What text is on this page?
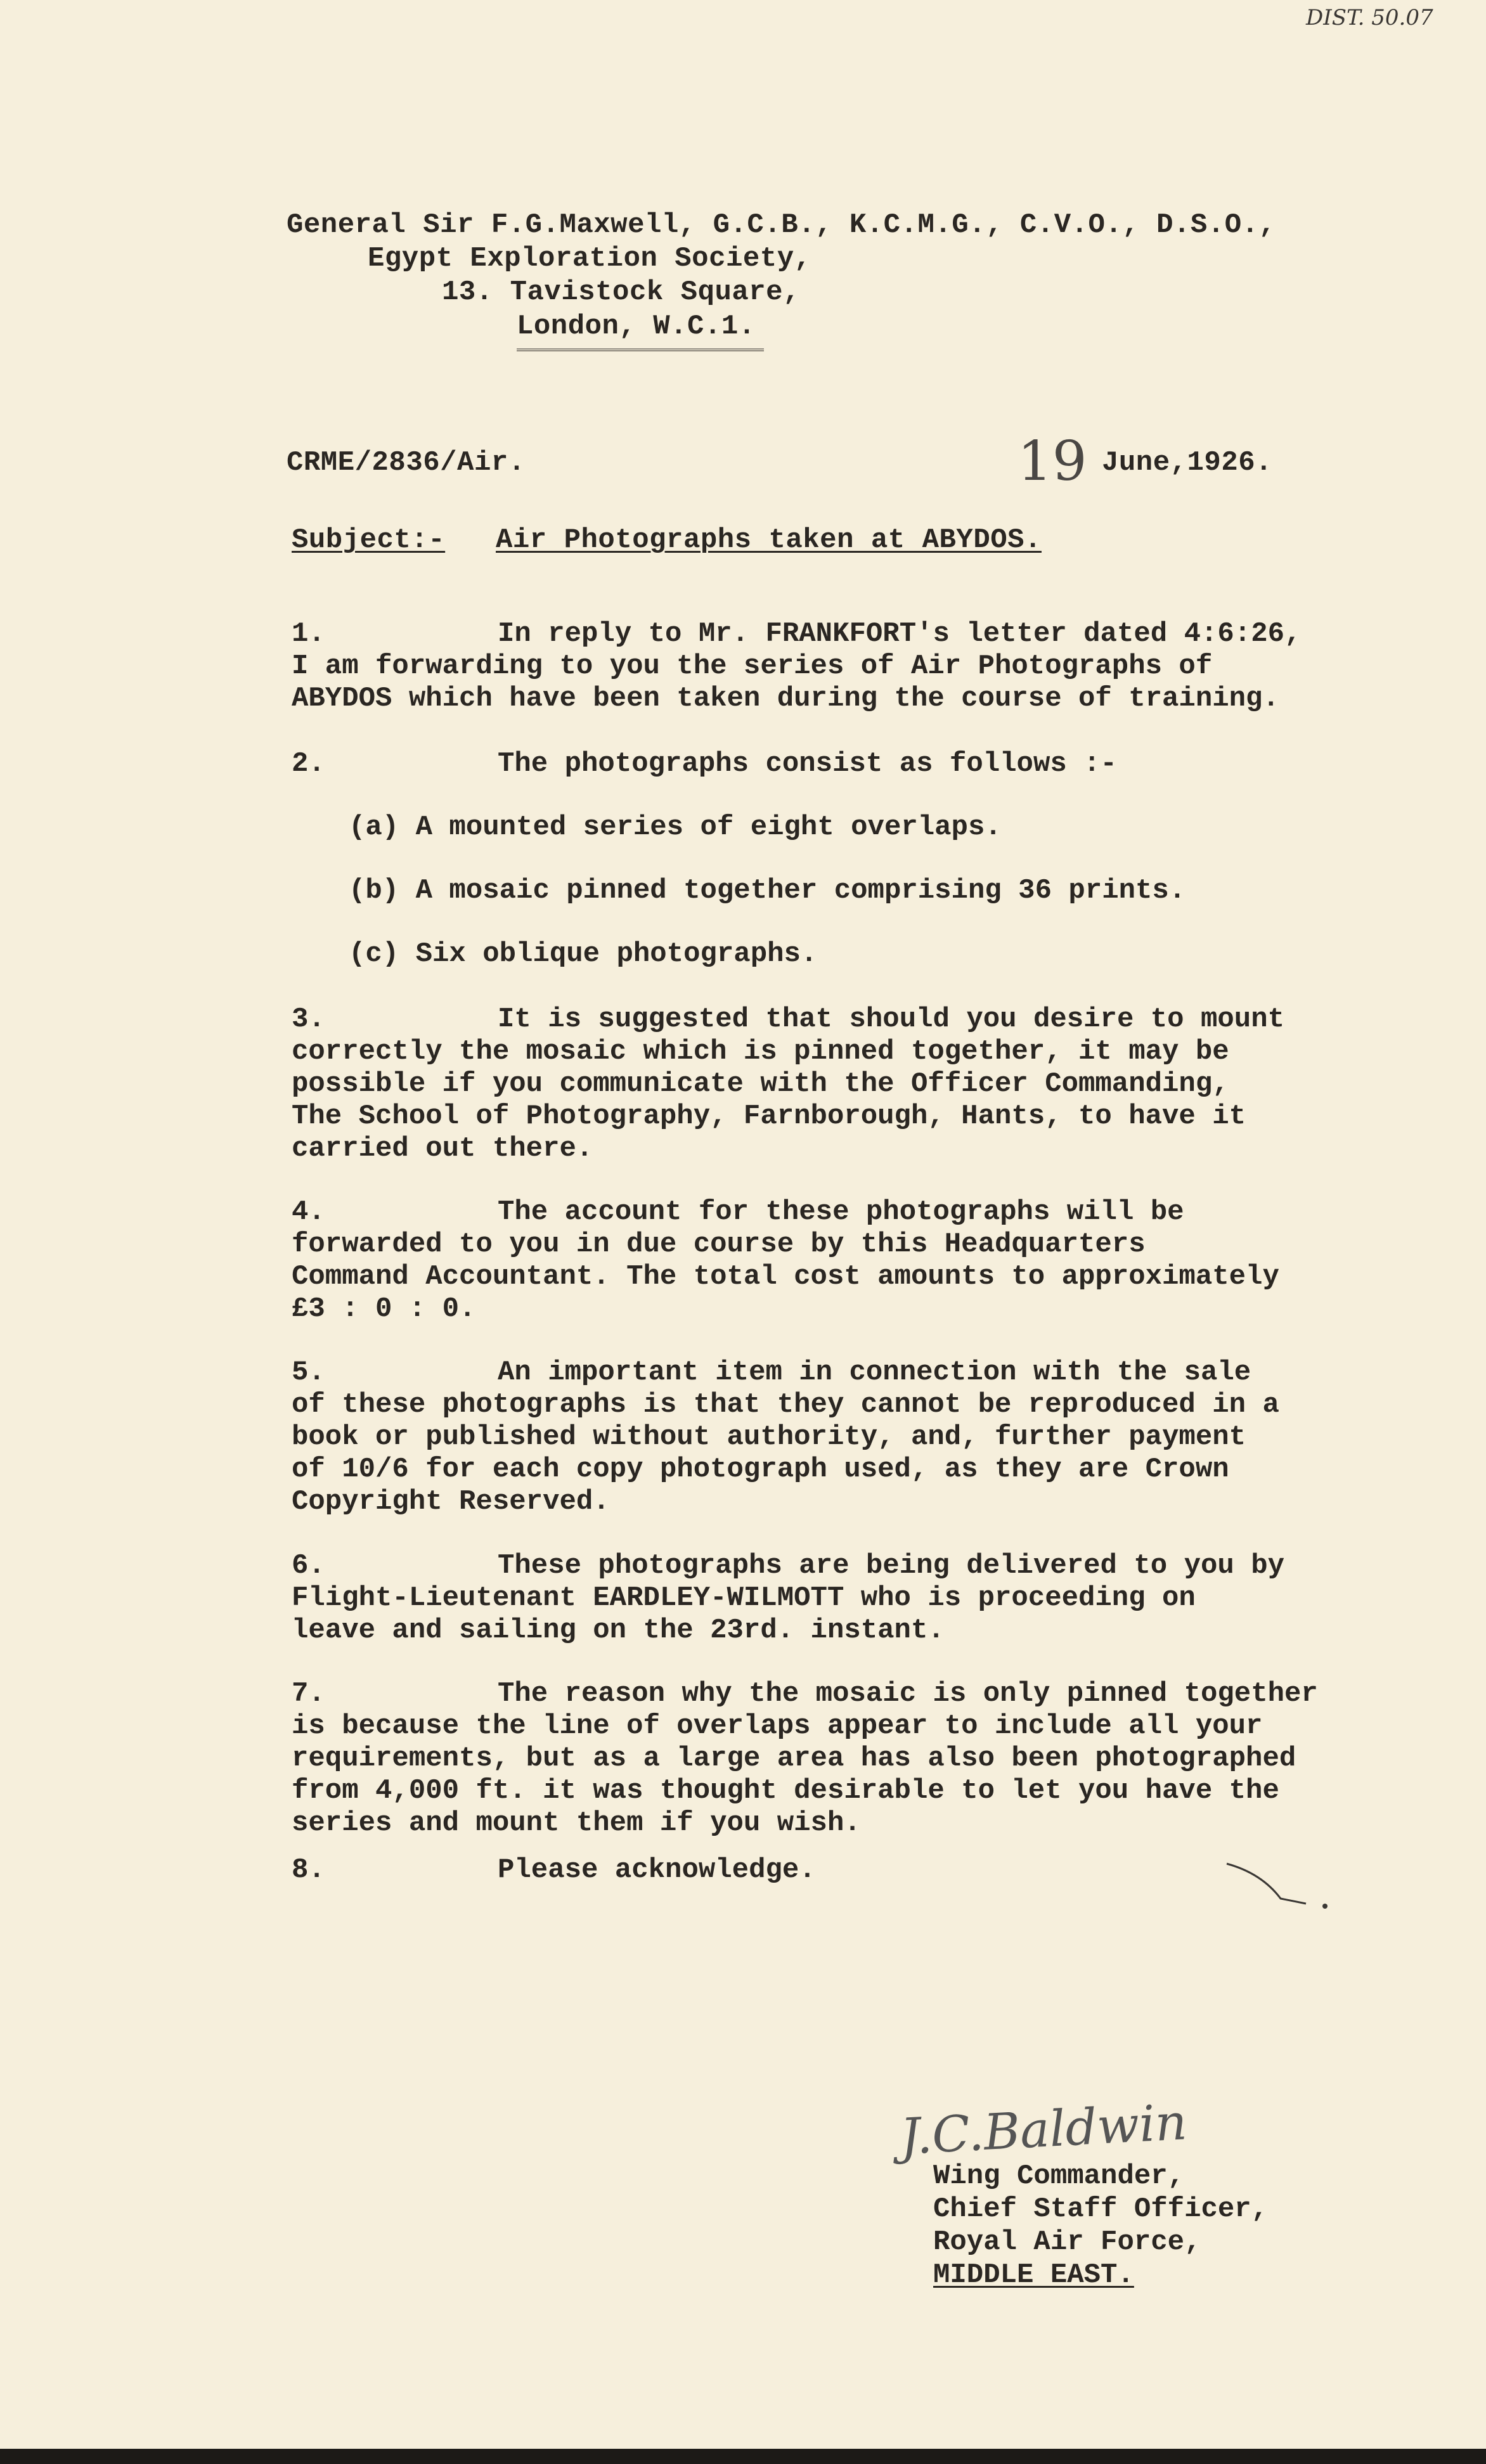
DIST. 50.07
General Sir F.G.Maxwell, G.C.B., K.C.M.G., C.V.O., D.S.O.,
Egypt Exploration Society,
13. Tavistock Square,
London, W.C.1.
CRME/2836/Air.	19 June,1926.
Subject:- Air Photographs taken at ABYDOS.
1.	In reply to Mr. FRANKFORT's letter dated 4:6:26,
I am forwarding to you the series of Air Photographs of
ABYDOS which have been taken during the course of training.
2.	The photographs consist as follows :-
(a) A mounted series of eight overlaps.
(b) A mosaic pinned together comprising 36 prints.
(c) Six oblique photographs.
3.	It is suggested that should you desire to mount
correctly the mosaic which is pinned together, it may be
possible if you communicate with the Officer Commanding,
The School of Photography, Farnborough, Hants, to have it
carried out there.
4.	The account for these photographs will be
forwarded to you in due course by this Headquarters
Command Accountant. The total cost amounts to approximately
£3 : 0 : 0.
5.	An important item in connection with the sale
of these photographs is that they cannot be reproduced in a
book or published without authority, and, further payment
of 10/6 for each copy photograph used, as they are Crown
Copyright Reserved.
6.	These photographs are being delivered to you by
Flight-Lieutenant EARDLEY-WILMOTT who is proceeding on
leave and sailing on the 23rd. instant.
7.	The reason why the mosaic is only pinned together
is because the line of overlaps appear to include all your
requirements, but as a large area has also been photographed
from 4,000 ft. it was thought desirable to let you have the
series and mount them if you wish.
8.	Please acknowledge.
J.C.Baldwin
Wing Commander,
Chief Staff Officer,
Royal Air Force,
MIDDLE EAST.
